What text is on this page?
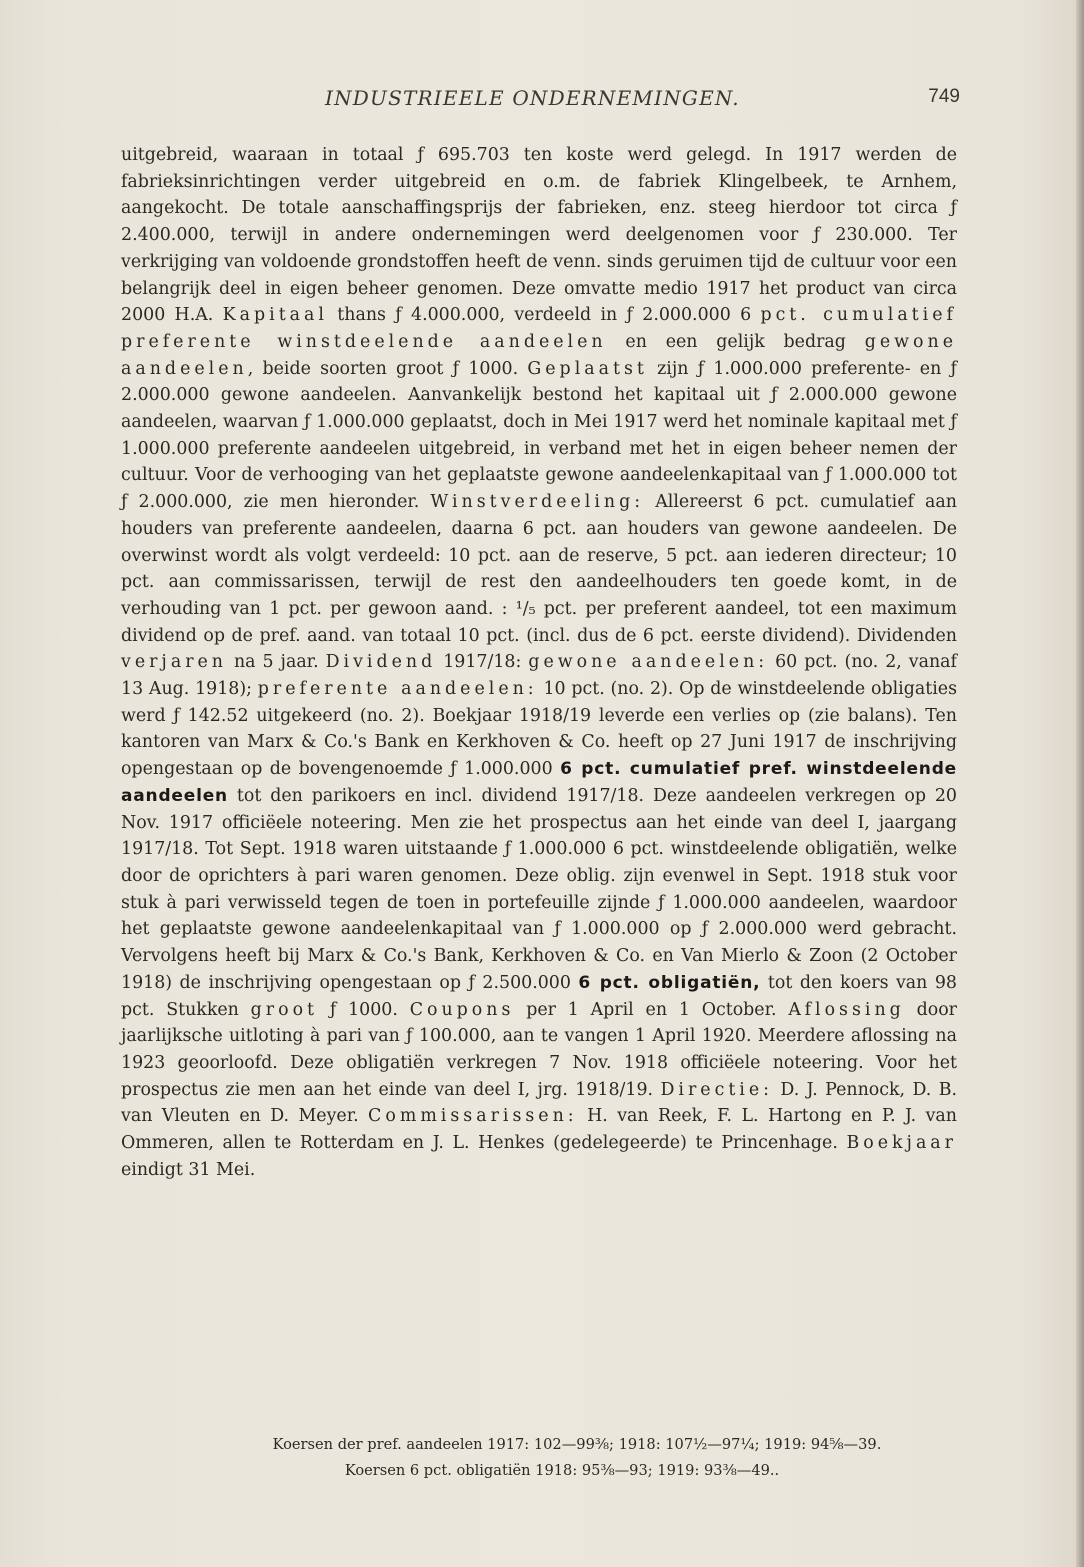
INDUSTRIEELE ONDERNEMINGEN.	749

uitgebreid, waaraan in totaal ƒ 695.703 ten koste werd gelegd. In 1917 werden de fabrieksinrichtingen verder uitgebreid en o.m. de fabriek Klingelbeek, te Arnhem, aangekocht. De totale aanschaffingsprijs der fabrieken, enz. steeg hierdoor tot circa ƒ 2.400.000, terwijl in andere ondernemingen werd deelgenomen voor ƒ 230.000. Ter verkrijging van voldoende grondstoffen heeft de venn. sinds geruimen tijd de cultuur voor een belangrijk deel in eigen beheer genomen. Deze omvatte medio 1917 het product van circa 2000 H.A. Kapitaal thans ƒ 4.000.000, verdeeld in ƒ 2.000.000 6 pct. cumulatief preferente winstdeelende aandeelen en een gelijk bedrag gewone aandeelen, beide soorten groot ƒ 1000. Geplaatst zijn ƒ 1.000.000 preferente- en ƒ 2.000.000 gewone aandeelen. Aanvankelijk bestond het kapitaal uit ƒ 2.000.000 gewone aandeelen, waarvan ƒ 1.000.000 geplaatst, doch in Mei 1917 werd het nominale kapitaal met ƒ 1.000.000 preferente aandeelen uitgebreid, in verband met het in eigen beheer nemen der cultuur. Voor de verhooging van het geplaatste gewone aandeelenkapitaal van ƒ 1.000.000 tot ƒ 2.000.000, zie men hieronder. Winstverdeeling: Allereerst 6 pct. cumulatief aan houders van preferente aandeelen, daarna 6 pct. aan houders van gewone aandeelen. De overwinst wordt als volgt verdeeld: 10 pct. aan de reserve, 5 pct. aan iederen directeur; 10 pct. aan commissarissen, terwijl de rest den aandeelhouders ten goede komt, in de verhouding van 1 pct. per gewoon aand. : ¹/₅ pct. per preferent aandeel, tot een maximum dividend op de pref. aand. van totaal 10 pct. (incl. dus de 6 pct. eerste dividend). Dividenden verjaren na 5 jaar. Dividend 1917/18: gewone aandeelen: 60 pct. (no. 2, vanaf 13 Aug. 1918); preferente aandeelen: 10 pct. (no. 2). Op de winstdeelende obligaties werd ƒ 142.52 uitgekeerd (no. 2). Boekjaar 1918/19 leverde een verlies op (zie balans). Ten kantoren van Marx & Co.'s Bank en Kerkhoven & Co. heeft op 27 Juni 1917 de inschrijving opengestaan op de bovengenoemde ƒ 1.000.000 6 pct. cumulatief pref. winstdeelende aandeelen tot den parikoers en incl. dividend 1917/18. Deze aandeelen verkregen op 20 Nov. 1917 officiëele noteering. Men zie het prospectus aan het einde van deel I, jaargang 1917/18. Tot Sept. 1918 waren uitstaande ƒ 1.000.000 6 pct. winstdeelende obligatiën, welke door de oprichters à pari waren genomen. Deze oblig. zijn evenwel in Sept. 1918 stuk voor stuk à pari verwisseld tegen de toen in portefeuille zijnde ƒ 1.000.000 aandeelen, waardoor het geplaatste gewone aandeelenkapitaal van ƒ 1.000.000 op ƒ 2.000.000 werd gebracht. Vervolgens heeft bij Marx & Co.'s Bank, Kerkhoven & Co. en Van Mierlo & Zoon (2 October 1918) de inschrijving opengestaan op ƒ 2.500.000 6 pct. obligatiën, tot den koers van 98 pct. Stukken groot ƒ 1000. Coupons per 1 April en 1 October. Aflossing door jaarlijksche uitloting à pari van ƒ 100.000, aan te vangen 1 April 1920. Meerdere aflossing na 1923 geoorloofd. Deze obligatiën verkregen 7 Nov. 1918 officiëele noteering. Voor het prospectus zie men aan het einde van deel I, jrg. 1918/19. Directie: D. J. Pennock, D. B. van Vleuten en D. Meyer. Commissarissen: H. van Reek, F. L. Hartong en P. J. van Ommeren, allen te Rotterdam en J. L. Henkes (gedelegeerde) te Princenhage. Boekjaar eindigt 31 Mei.

Koersen der pref. aandeelen 1917: 102—99⅜; 1918: 107½—97¼; 1919: 94⅝—39.
Koersen 6 pct. obligatiën 1918: 95⅜—93; 1919: 93⅜—49..
